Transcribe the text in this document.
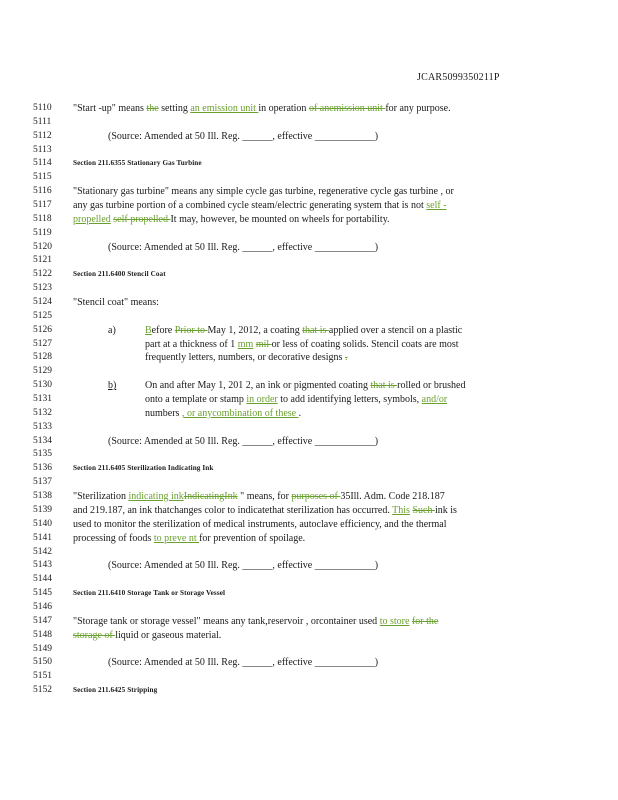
JCAR5099350211P
5110	"Start -up" means the setting an emission unit in operation of anemission unit for any purpose.
5111
5112	(Source: Amended at 50 Ill. Reg. ______, effective ____________)
5113
5114	Section 211.6355 Stationary Gas Turbine
5115
5116	"Stationary gas turbine" means any simple cycle gas turbine, regenerative cycle gas turbine , or
5117	any gas turbine portion of a combined cycle steam/electric generating system that is not self -
5118	propelled self propelled It may, however, be mounted on wheels for portability.
5119
5120	(Source: Amended at 50 Ill. Reg. ______, effective ____________)
5121
5122	Section 211.6400 Stencil Coat
5123
5124	"Stencil coat" means:
5125
5126	a)	Before Prior to May 1, 2012, a coating that is applied over a stencil on a plastic
5127	part at a thickness of 1 mm mil or less of coating solids. Stencil coats are most
5128	frequently letters, numbers, or decorative designs .
5129
5130	b)	On and after May 1, 201 2, an ink or pigmented coating that is rolled or brushed
5131	onto a template or stamp in order to add identifying letters, symbols, and/or
5132	numbers , or anycombination of these .
5133
5134	(Source: Amended at 50 Ill. Reg. ______, effective ____________)
5135
5136	Section 211.6405 Sterilization Indicating Ink
5137
5138	"Sterilization indicating inkIndicatingInk " means, for purposes of 35Ill. Adm. Code 218.187
5139	and 219.187, an ink thatchanges color to indicatethat sterilization has occurred. This Such ink is
5140	used to monitor the sterilization of medical instruments, autoclave efficiency, and the thermal
5141	processing of foods to preve nt for prevention of spoilage.
5142
5143	(Source: Amended at 50 Ill. Reg. ______, effective ____________)
5144
5145	Section 211.6410 Storage Tank or Storage Vessel
5146
5147	"Storage tank or storage vessel" means any tank,reservoir , orcontainer used to store for the
5148	storage of liquid or gaseous material.
5149
5150	(Source: Amended at 50 Ill. Reg. ______, effective ____________)
5151
5152	Section 211.6425 Stripping
